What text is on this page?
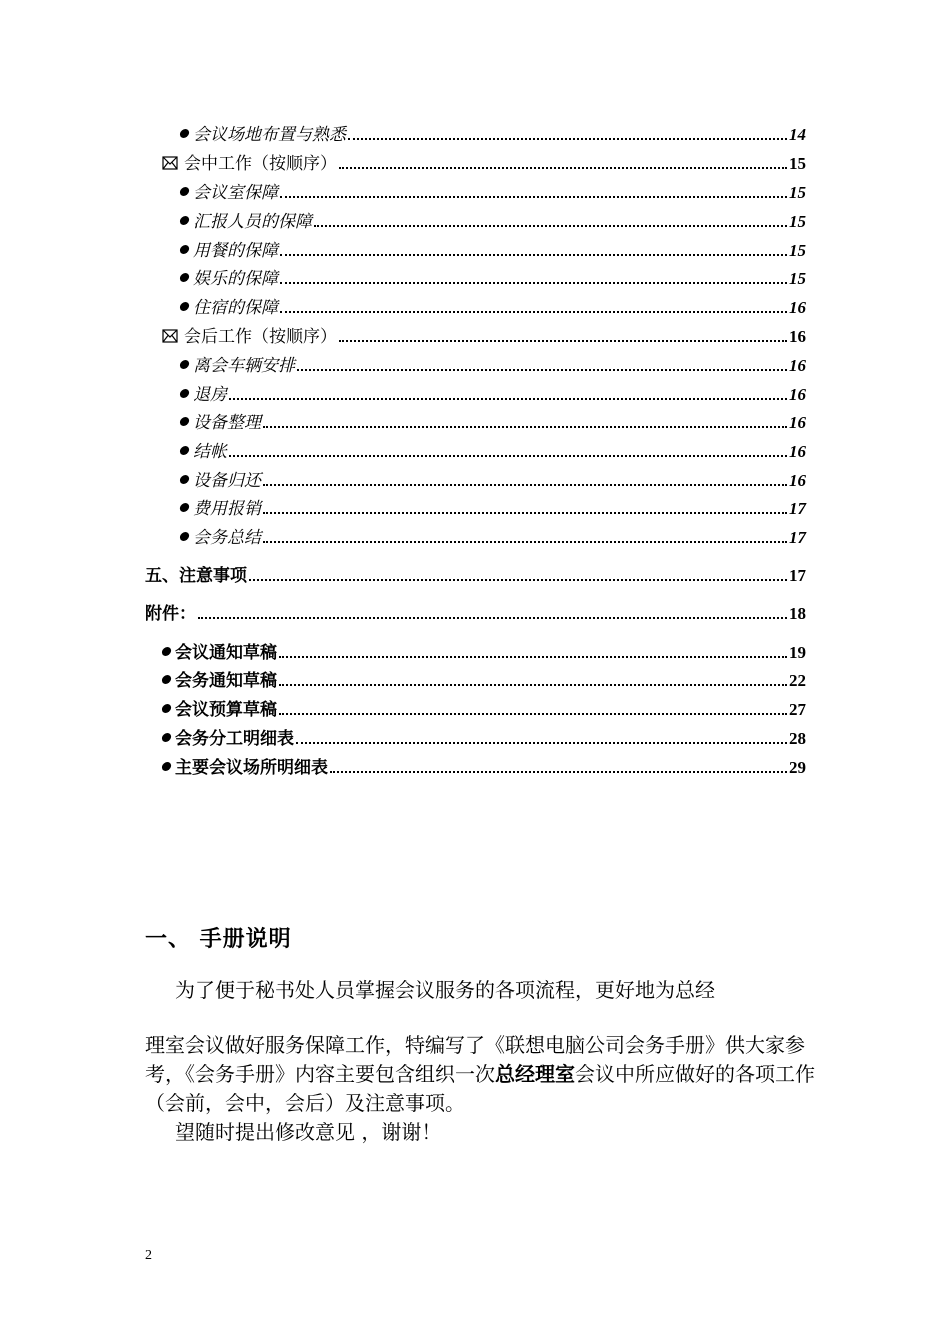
会议场地布置与熟悉	14
会中工作（按顺序）	15
会议室保障	15
汇报人员的保障	15
用餐的保障	15
娱乐的保障	15
住宿的保障	16
会后工作（按顺序）	16
离会车辆安排	16
退房	16
设备整理	16
结帐	16
设备归还	16
费用报销	17
会务总结	17
五、注意事项	17
附件：	18
会议通知草稿	19
会务通知草稿	22
会议预算草稿	27
会务分工明细表	28
主要会议场所明细表	29
一、 手册说明
为了便于秘书处人员掌握会议服务的各项流程，更好地为总经
理室会议做好服务保障工作，特编写了《联想电脑公司会务手册》供大家参考，《会务手册》内容主要包含组织一次总经理室会议中所应做好的各项工作（会前，会中，会后）及注意事项。
望随时提出修改意见 ，谢谢！
2
